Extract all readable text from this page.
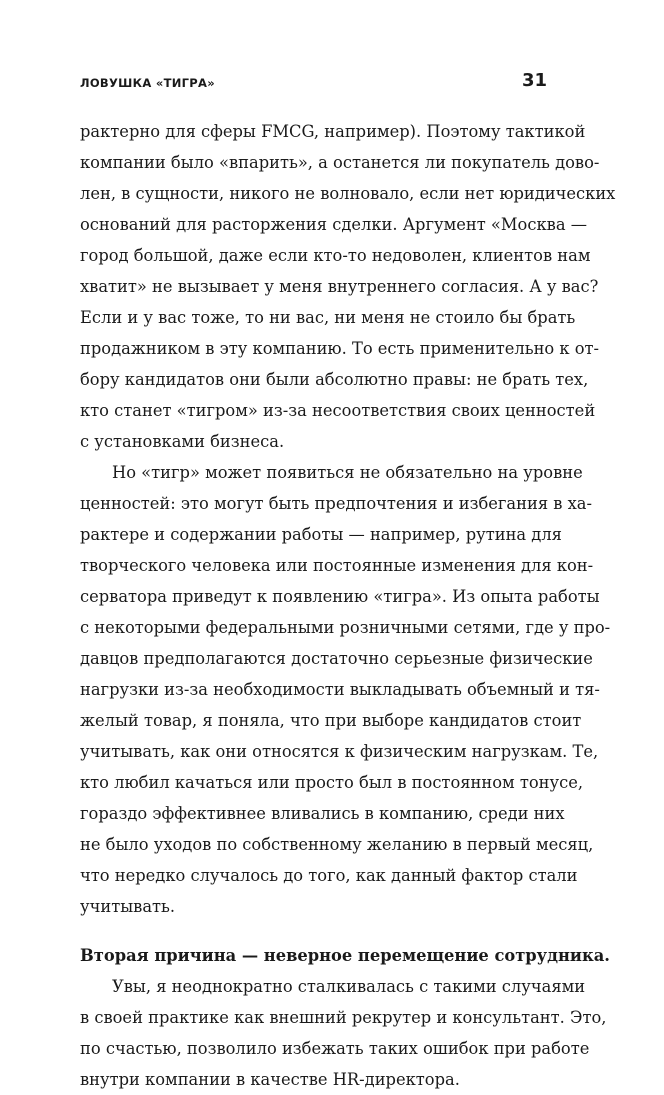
ЛОВУШКА «ТИГРА»	31
рактерно для сферы FMCG, например). Поэтому тактикой
компании было «впарить», а останется ли покупатель дово-
лен, в сущности, никого не волновало, если нет юридических
оснований для расторжения сделки. Аргумент «Москва —
город большой, даже если кто-то недоволен, клиентов нам
хватит» не вызывает у меня внутреннего согласия. А у вас?
Если и у вас тоже, то ни вас, ни меня не стоило бы брать
продажником в эту компанию. То есть применительно к от-
бору кандидатов они были абсолютно правы: не брать тех,
кто станет «тигром» из-за несоответствия своих ценностей
с установками бизнеса.
Но «тигр» может появиться не обязательно на уровне
ценностей: это могут быть предпочтения и избегания в ха-
рактере и содержании работы — например, рутина для
творческого человека или постоянные изменения для кон-
серватора приведут к появлению «тигра». Из опыта работы
с некоторыми федеральными розничными сетями, где у про-
давцов предполагаются достаточно серьезные физические
нагрузки из-за необходимости выкладывать объемный и тя-
желый товар, я поняла, что при выборе кандидатов стоит
учитывать, как они относятся к физическим нагрузкам. Те,
кто любил качаться или просто был в постоянном тонусе,
гораздо эффективнее вливались в компанию, среди них
не было уходов по собственному желанию в первый месяц,
что нередко случалось до того, как данный фактор стали
учитывать.
Вторая причина — неверное перемещение сотрудника.
Увы, я неоднократно сталкивалась с такими случаями
в своей практике как внешний рекрутер и консультант. Это,
по счастью, позволило избежать таких ошибок при работе
внутри компании в качестве HR-директора.
